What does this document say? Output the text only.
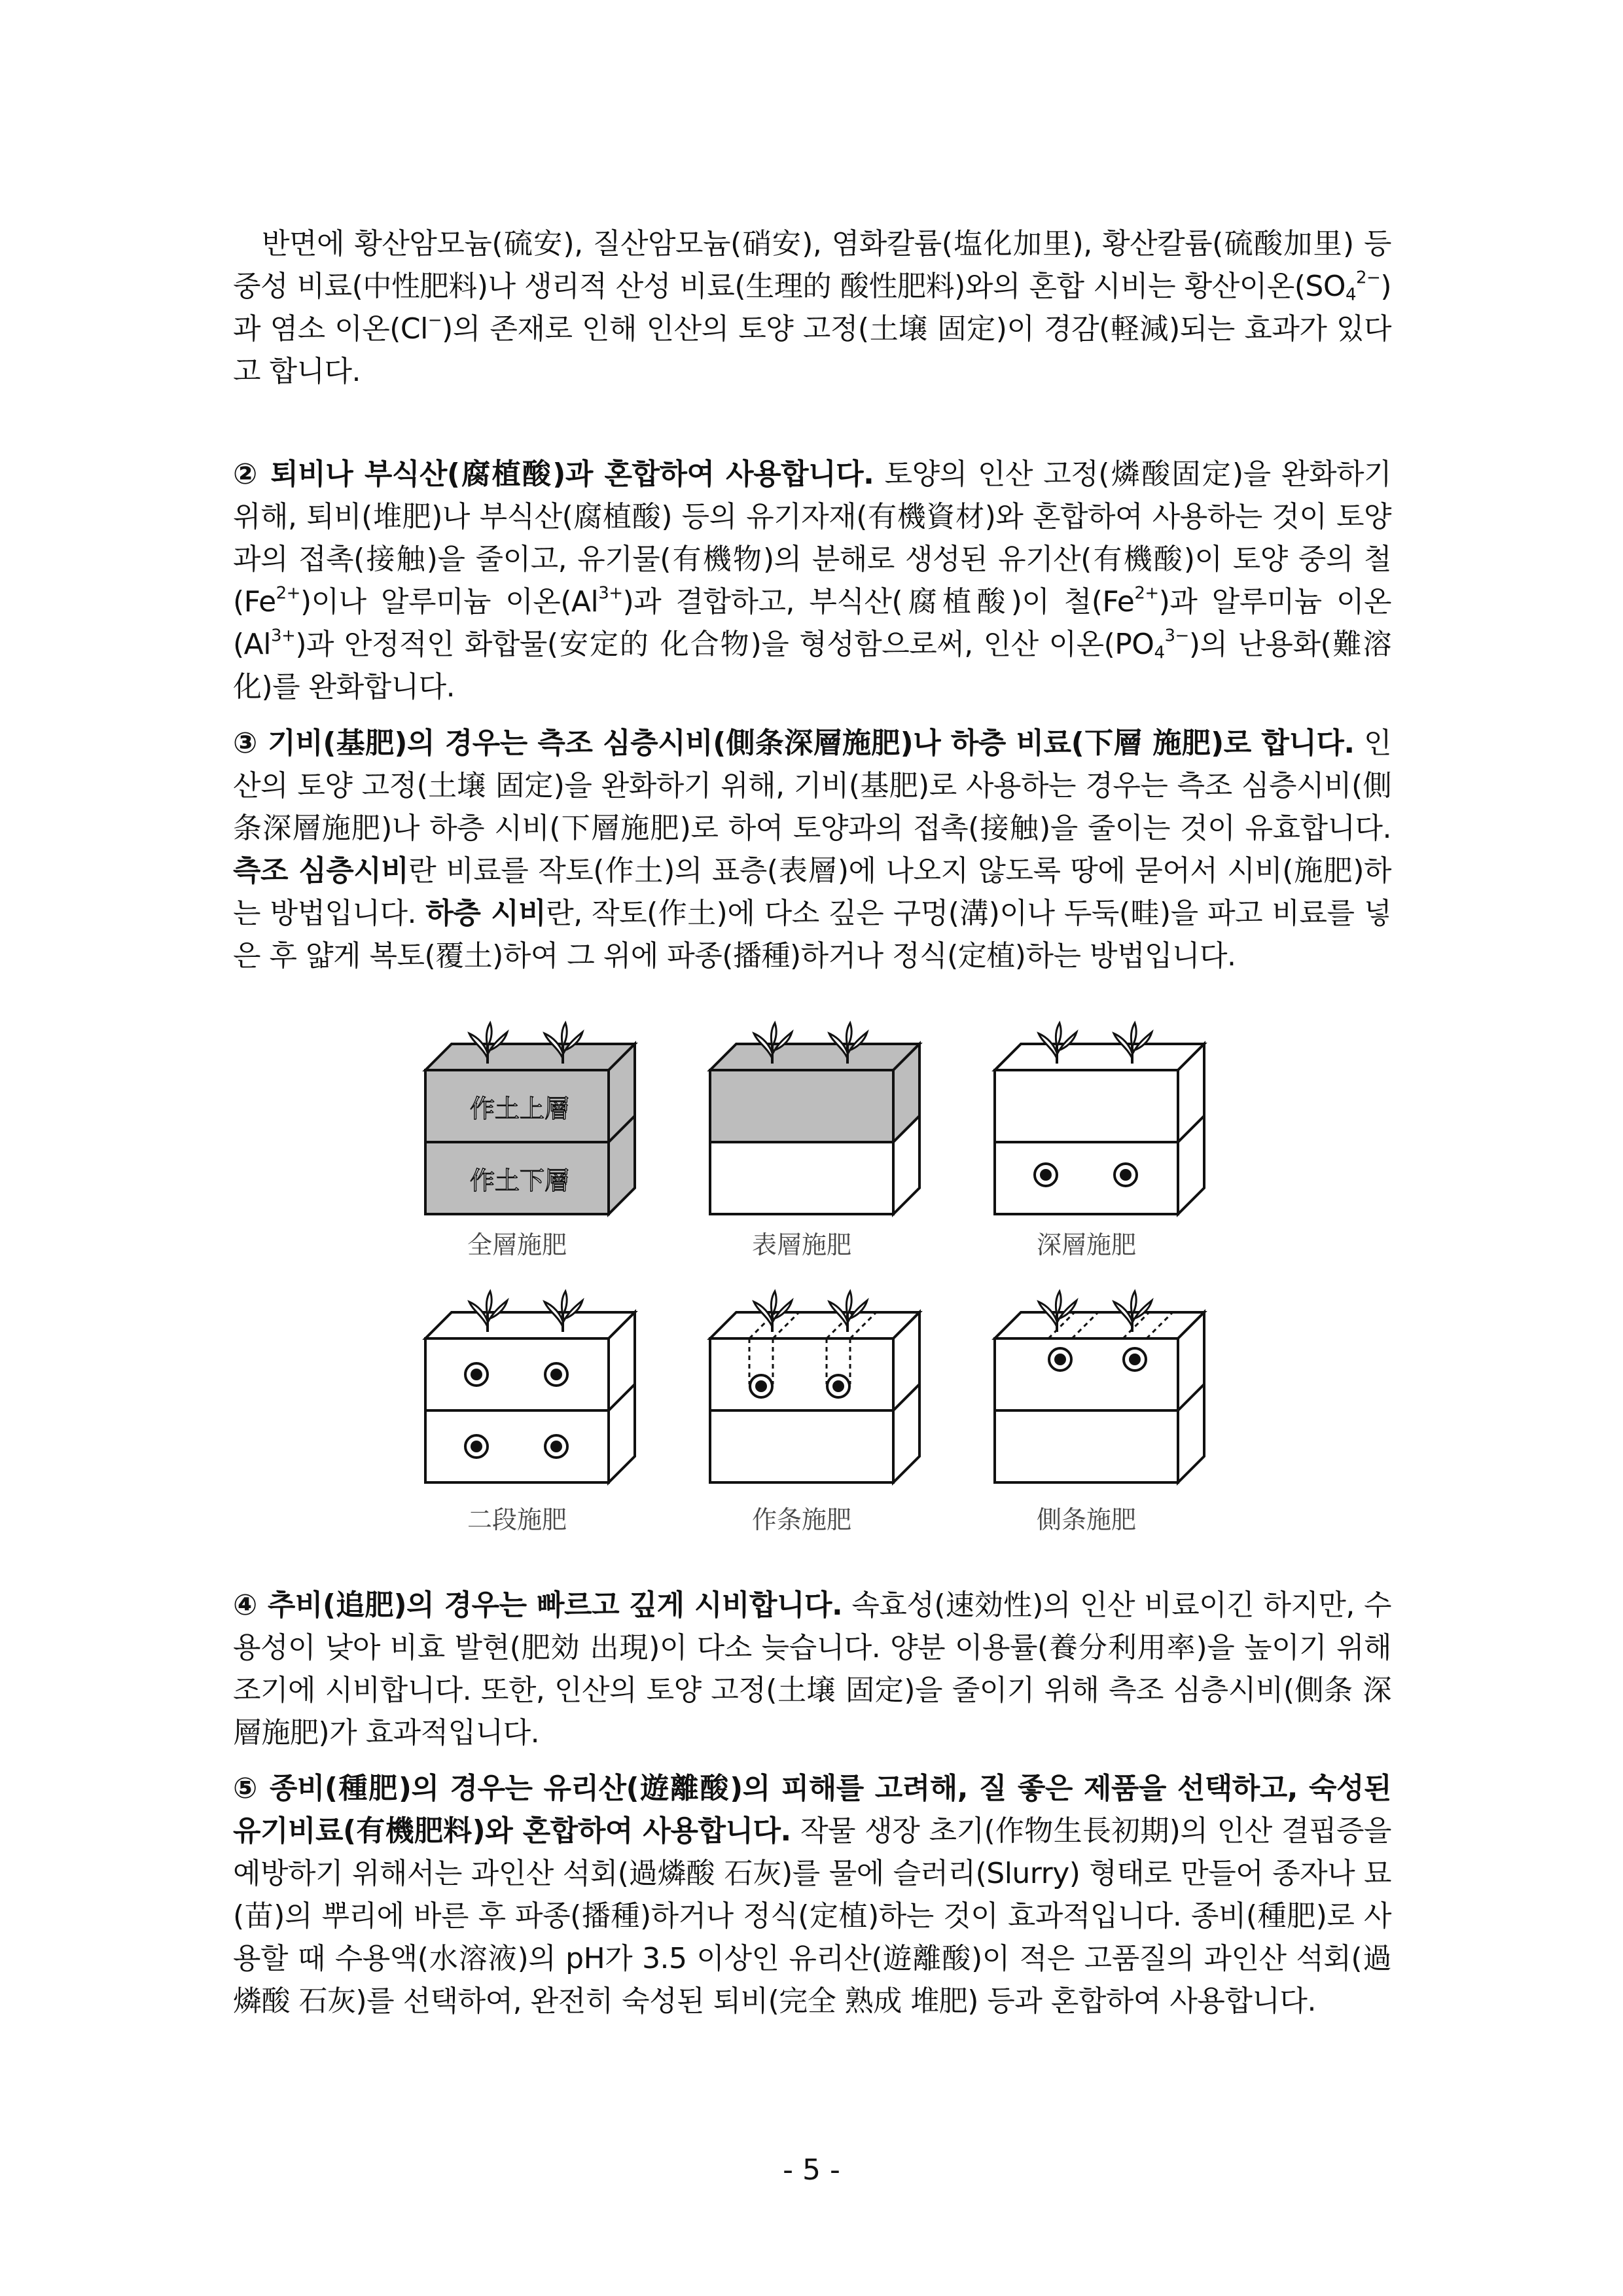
반면에 황산암모늄(硫安), 질산암모늄(硝安), 염화칼륨(塩化加里), 황산칼륨(硫酸加里) 등 중성 비료(中性肥料)나 생리적 산성 비료(生理的 酸性肥料)와의 혼합 시비는 황산이온$(SO_4^{2-})$과 염소 이온(Cl−)의 존재로 인해 인산의 토양 고정(土壌 固定)이 경감(軽減)되는 효과가 있다고 합니다.

② 퇴비나 부식산(腐植酸)과 혼합하여 사용합니다. 토양의 인산 고정(燐酸固定)을 완화하기 위해, 퇴비(堆肥)나 부식산(腐植酸) 등의 유기자재(有機資材)와 혼합하여 사용하는 것이 토양과의 접촉(接触)을 줄이고, 유기물(有機物)의 분해로 생성된 유기산(有機酸)이 토양 중의 철$(Fe^{2+})$이나 알루미늄 이온$(Al^{3+})$과 결합하고, 부식산(腐植酸)이 철$(Fe^{2+})$과 알루미늄 이온$(Al^{3+})$과 안정적인 화합물(安定的 化合物)을 형성함으로써, 인산 이온$(PO_4^{3-})$의 난용화(難溶化)를 완화합니다.

③ 기비(基肥)의 경우는 측조 심층시비(側条深層施肥)나 하층 비료(下層 施肥)로 합니다. 인산의 토양 고정(土壌 固定)을 완화하기 위해, 기비(基肥)로 사용하는 경우는 측조 심층시비(側条深層施肥)나 하층 시비(下層施肥)로 하여 토양과의 접촉(接触)을 줄이는 것이 유효합니다. 측조 심층시비란 비료를 작토(作土)의 표층(表層)에 나오지 않도록 땅에 묻어서 시비(施肥)하는 방법입니다. 하층 시비란, 작토(作土)에 다소 깊은 구멍(溝)이나 두둑(畦)을 파고 비료를 넣은 후 얇게 복토(覆土)하여 그 위에 파종(播種)하거나 정식(定植)하는 방법입니다.

作土上層
作土下層
全層施肥	表層施肥	深層施肥
二段施肥	作条施肥	側条施肥

④ 추비(追肥)의 경우는 빠르고 깊게 시비합니다. 속효성(速効性)의 인산 비료이긴 하지만, 수용성이 낮아 비효 발현(肥効 出現)이 다소 늦습니다. 양분 이용률(養分利用率)을 높이기 위해 조기에 시비합니다. 또한, 인산의 토양 고정(土壌 固定)을 줄이기 위해 측조 심층시비(側条 深層施肥)가 효과적입니다.

⑤ 종비(種肥)의 경우는 유리산(遊離酸)의 피해를 고려해, 질 좋은 제품을 선택하고, 숙성된 유기비료(有機肥料)와 혼합하여 사용합니다. 작물 생장 초기(作物生長初期)의 인산 결핍증을 예방하기 위해서는 과인산 석회(過燐酸 石灰)를 물에 슬러리(Slurry) 형태로 만들어 종자나 묘(苗)의 뿌리에 바른 후 파종(播種)하거나 정식(定植)하는 것이 효과적입니다. 종비(種肥)로 사용할 때 수용액(水溶液)의 pH가 3.5 이상인 유리산(遊離酸)이 적은 고품질의 과인산 석회(過燐酸 石灰)를 선택하여, 완전히 숙성된 퇴비(完全 熟成 堆肥) 등과 혼합하여 사용합니다.

- 5 -
